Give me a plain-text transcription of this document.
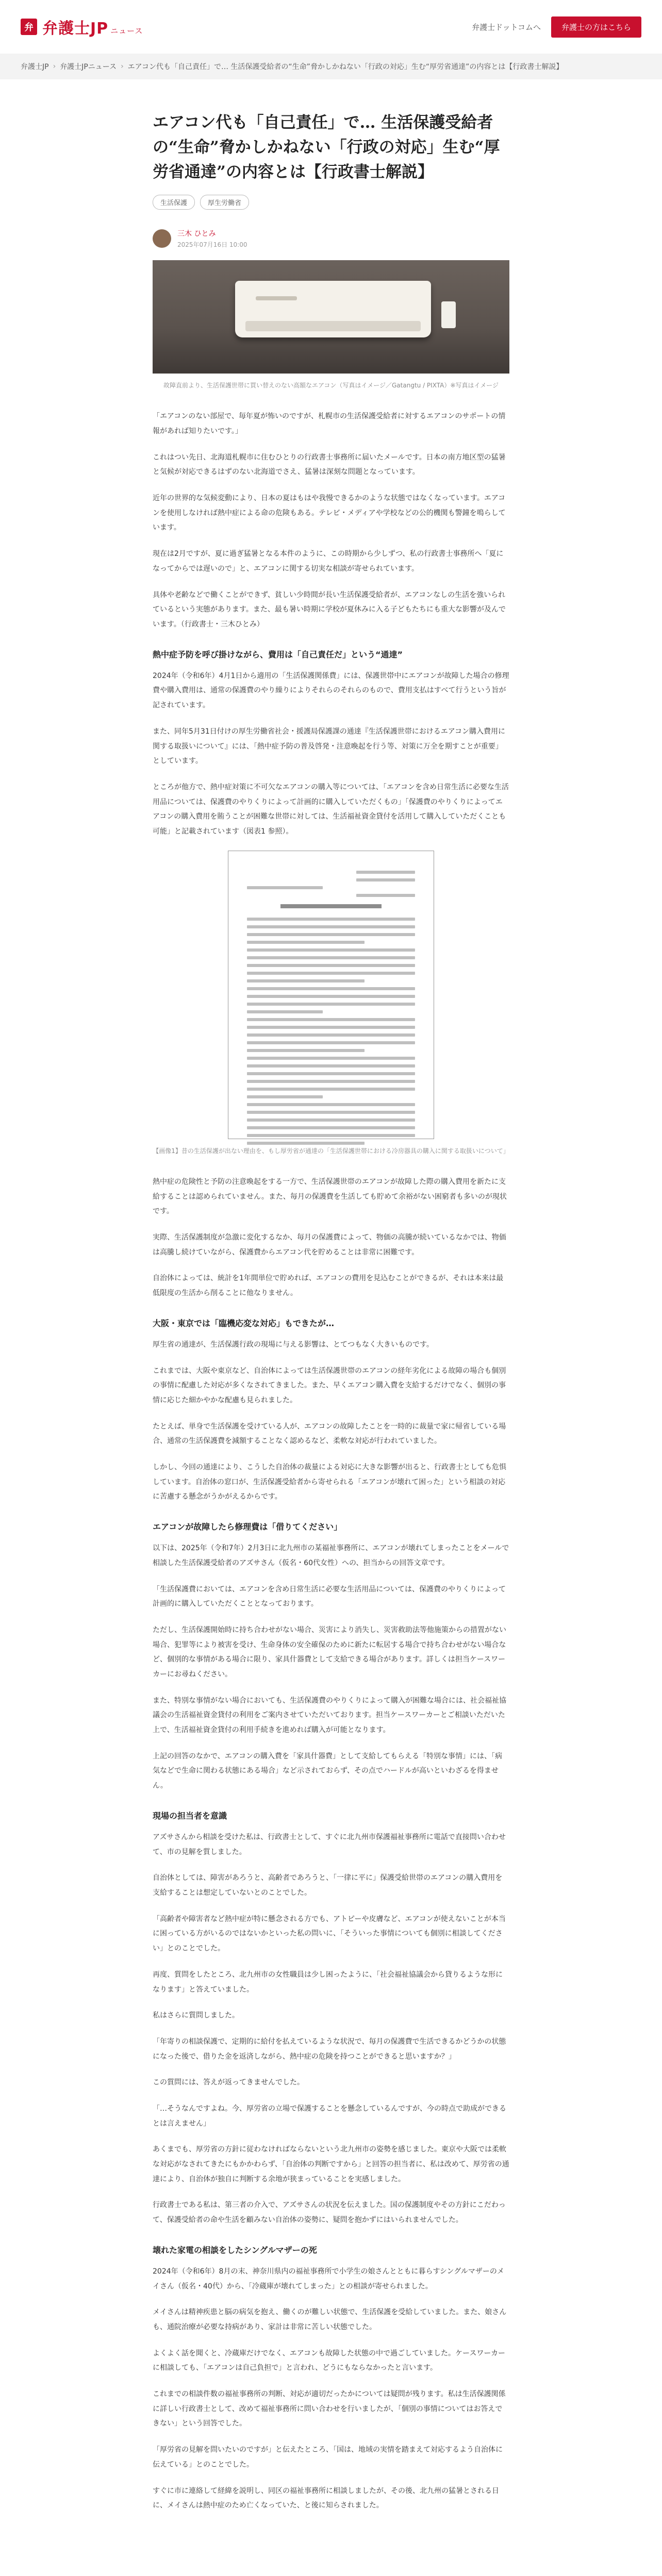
弁 弁護士JP ニュース	弁護士ドットコムへ	弁護士の方はこちら
弁護士JP › 弁護士JPニュース › エアコン代も「自己責任」で… 生活保護受給者の“生命”脅かしかねない「行政の対応」生む“厚労省通達”の内容とは【行政書士解説】
エアコン代も「自己責任」で… 生活保護受給者の“生命”脅かしかねない「行政の対応」生む“厚労省通達”の内容とは【行政書士解説】
生活保護	厚生労働省
三木 ひとみ
2025年07月16日 10:00
故障直前より、生活保護世帯に買い替えのない高額なエアコン（写真はイメージ／Gatangtu / PIXTA）※写真はイメージ

「エアコンのない部屋で、毎年夏が怖いのですが、札幌市の生活保護受給者に対するエアコンのサポートの情報があれば知りたいです。」

これはつい先日、北海道札幌市に住むひとりの行政書士事務所に届いたメールです。日本の南方地区型の猛暑と気候が対応できるはずのない北海道でさえ、猛暑は深刻な問題となっています。

近年の世界的な気候変動により、日本の夏はもはや我慢できるかのような状態ではなくなっています。エアコンを使用しなければ熱中症による命の危険もある。テレビ・メディアや学校などの公的機関も警鐘を鳴らしています。

現在は2月ですが、夏に過ぎ猛暑となる本件のように、この時期から少しずつ、私の行政書士事務所へ「夏になってからでは遅いので」と、エアコンに関する切実な相談が寄せられています。

具体や老齢などで働くことができず、貧しい少時間が長い生活保護受給者が、エアコンなしの生活を強いられているという実態があります。また、最も暑い時期に学校が夏休みに入る子どもたちにも重大な影響が及んでいます。（行政書士・三木ひとみ）

熱中症予防を呼び掛けながら、費用は「自己責任だ」という“通達”

2024年（令和6年）4月1日から適用の「生活保護関係費」には、保護世帯中にエアコンが故障した場合の修理費や購入費用は、通常の保護費のやり繰りによりそれらのそれらのもので、費用支払はすべて行うという旨が記されています。

また、同年5月31日付けの厚生労働省社会・援護局保護課の通達『生活保護世帯におけるエアコン購入費用に関する取扱いについて』には、「熱中症予防の普及啓発・注意喚起を行う等、対策に万全を期すことが重要」としています。

ところが他方で、熱中症対策に不可欠なエアコンの購入等については、「エアコンを含め日常生活に必要な生活用品については、保護費のやりくりによって計画的に購入していただくもの」「保護費のやりくりによってエアコンの購入費用を賄うことが困難な世帯に対しては、生活福祉資金貸付を活用して購入していただくことも可能」と記載されています（図表1 参照）。

【画像1】昔の生活保護が出ない理由を、もし厚労省が通達の「生活保護世帯における冷房器具の購入に関する取扱いについて」

熱中症の危険性と予防の注意喚起をする一方で、生活保護世帯のエアコンが故障した際の購入費用を新たに支給することは認められていません。また、毎月の保護費を生活しても貯めて余裕がない困窮者も多いのが現状です。

実際、生活保護制度が急激に変化するなか、毎月の保護費によって、物価の高騰が続いているなかでは、物価は高騰し続けていながら、保護費からエアコン代を貯めることは非常に困難です。

自治体によっては、統計を1年間単位で貯めれば、エアコンの費用を見込むことができるが、それは本来は最低限度の生活から削ることに他なりません。

大阪・東京では「臨機応変な対応」もできたが…

厚生省の通達が、生活保護行政の現場に与える影響は、とてつもなく大きいものです。

これまでは、大阪や東京など、自治体によっては生活保護世帯のエアコンの経年劣化による故障の場合も個別の事情に配慮した対応が多くなされてきました。また、早くエアコン購入費を支給するだけでなく、個別の事情に応じた細かやかな配慮も見られました。

たとえば、単身で生活保護を受けている人が、エアコンの故障したことを一時的に裁量で家に帰省している場合、通常の生活保護費を減額することなく認めるなど、柔軟な対応が行われていました。

しかし、今回の通達により、こうした自治体の裁量による対応に大きな影響が出ると、行政書士としても危惧しています。自治体の窓口が、生活保護受給者から寄せられる「エアコンが壊れて困った」という相談の対応に苦慮する懸念がうかがえるからです。

エアコンが故障したら修理費は「借りてください」

以下は、2025年（令和7年）2月3日に北九州市の某福祉事務所に、エアコンが壊れてしまったことをメールで相談した生活保護受給者のアズサさん（仮名・60代女性）への、担当からの回答文章です。

「生活保護費においては、エアコンを含め日常生活に必要な生活用品については、保護費のやりくりによって計画的に購入していただくこととなっております。

ただし、生活保護開始時に持ち合わせがない場合、災害により消失し、災害救助法等他施策からの措置がない場合、犯罪等により被害を受け、生命身体の安全確保のために新たに転居する場合で持ち合わせがない場合など、個別的な事情がある場合に限り、家具什器費として支給できる場合があります。詳しくは担当ケースワーカーにお尋ねください。

また、特別な事情がない場合においても、生活保護費のやりくりによって購入が困難な場合には、社会福祉協議会の生活福祉資金貸付の利用をご案内させていただいております。担当ケースワーカーとご相談いただいた上で、生活福祉資金貸付の利用手続きを進めれば購入が可能となります。

上記の回答のなかで、エアコンの購入費を「家具什器費」として支給してもらえる「特別な事情」には、「病気などで生命に関わる状態にある場合」など示されておらず、その点でハードルが高いといわざるを得ません。

現場の担当者を意識

アズサさんから相談を受けた私は、行政書士として、すぐに北九州市保護福祉事務所に電話で直接問い合わせて、市の見解を質しました。

自治体としては、障害があろうと、高齢者であろうと、「一律に平に」保護受給世帯のエアコンの購入費用を支給することは想定していないとのことでした。

「高齢者や障害者など熱中症が特に懸念される方でも、アトピーや皮膚など、エアコンが使えないことが本当に困っている方がいるのではないかといった私の問いに、「そういった事情についても個別に相談してください」とのことでした。

再度、質問をしたところ、北九州市の女性職員は少し困ったように、「社会福祉協議会から貸りるような形になります」と答えていました。

私はさらに質問しました。

「年寄りの相談保護で、定期的に給付を払えているような状況で、毎月の保護費で生活できるかどうかの状態になった後で、借りた金を返済しながら、熱中症の危険を持つことができると思いますか？」

この質問には、答えが返ってきませんでした。

「…そうなんですよね。今、厚労省の立場で保護することを懸念しているんですが、今の時点で助成ができるとは言えません」

あくまでも、厚労省の方針に従わなければならないという北九州市の姿勢を感じました。東京や大阪では柔軟な対応がなされてきたにもかかわらず、「自治体の判断ですから」と回答の担当者に、私は改めて、厚労省の通達により、自治体が独自に判断する余地が狭まっていることを実感しました。

行政書士である私は、第三者の介入で、アズサさんの状況を伝えました。国の保護制度やその方針にこだわって、保護受給者の命や生活を顧みない自治体の姿勢に、疑問を抱かずにはいられませんでした。

壊れた家電の相談をしたシングルマザーの死

2024年（令和6年）8月の末、神奈川県内の福祉事務所で小学生の娘さんとともに暮らすシングルマザーのメイさん（仮名・40代）から、「冷蔵庫が壊れてしまった」との相談が寄せられました。

メイさんは精神疾患と脳の病気を抱え、働くのが難しい状態で、生活保護を受給していました。また、娘さんも、通院治療が必要な持病があり、家計は非常に苦しい状態でした。

よくよく話を聞くと、冷蔵庫だけでなく、エアコンも故障した状態の中で過ごしていました。ケースワーカーに相談しても、「エアコンは自己負担で」と言われ、どうにもならなかったと言います。

これまでの相談件数の福祉事務所の判断、対応が適切だったかについては疑問が残ります。私は生活保護関係に詳しい行政書士として、改めて福祉事務所に問い合わせを行いましたが、「個別の事情についてはお答えできない」という回答でした。

「厚労省の見解を問いたいのですが」と伝えたところ、「国は、地域の実情を踏まえて対応するよう自治体に伝えている」とのことでした。

すぐに市に連絡して経緯を説明し、同区の福祉事務所に相談しましたが、その後、北九州の猛暑とされる日に、メイさんは熱中症のため亡くなっていた、と後に知らされました。
